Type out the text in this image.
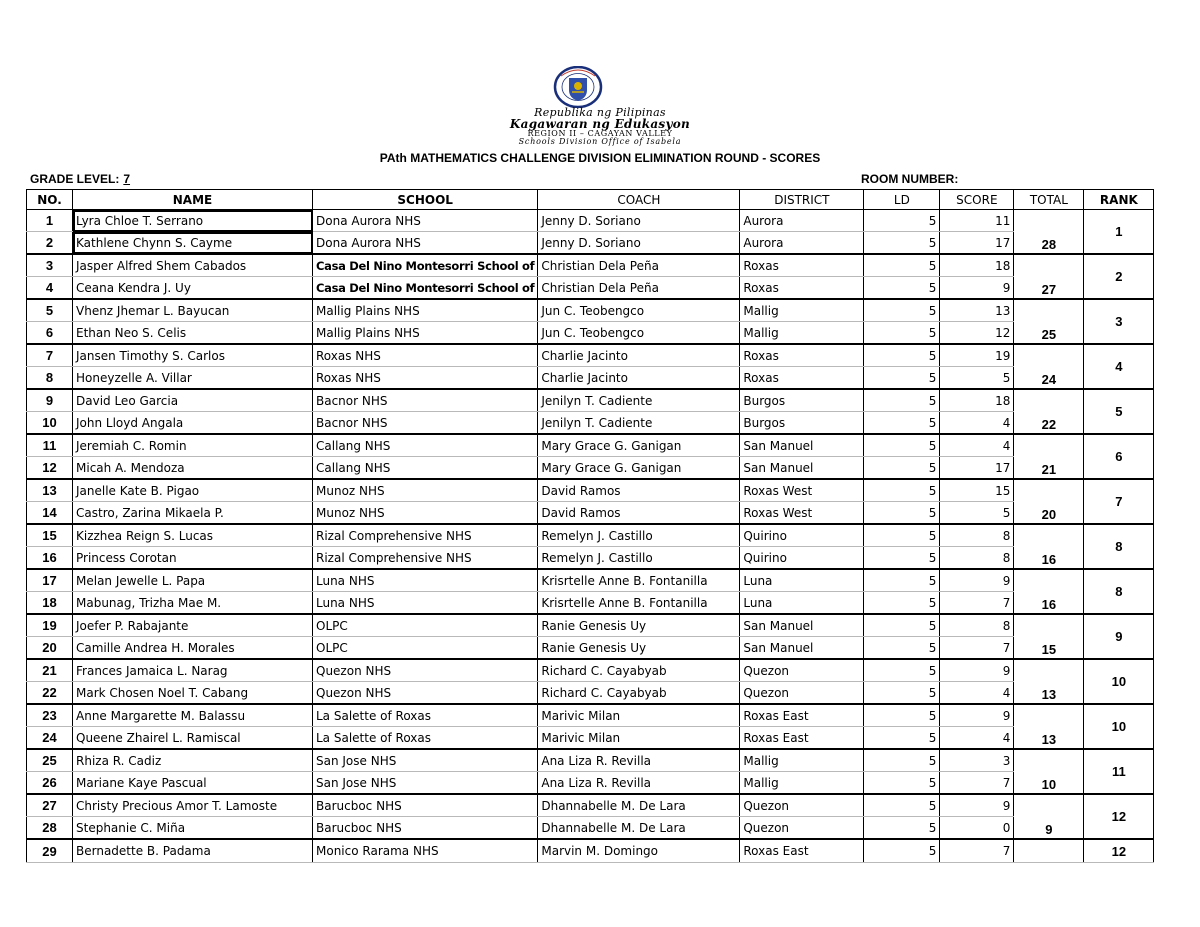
Republika ng Pilipinas
Kagawaran ng Edukasyon
REGION II – CAGAYAN VALLEY
Schools Division Office of Isabela
PAth MATHEMATICS CHALLENGE DIVISION ELIMINATION ROUND - SCORES
GRADE LEVEL: 7	ROOM NUMBER:
NO.	NAME	SCHOOL	COACH	DISTRICT	LD	SCORE	TOTAL	RANK
1	Lyra Chloe T. Serrano	Dona Aurora NHS	Jenny D. Soriano	Aurora	5	11	28	1
2	Kathlene Chynn S. Cayme	Dona Aurora NHS	Jenny D. Soriano	Aurora	5	17		
3	Jasper Alfred Shem Cabados	Casa Del Nino Montesorri School of	Christian Dela Peña	Roxas	5	18	27	2
4	Ceana Kendra J. Uy	Casa Del Nino Montesorri School of	Christian Dela Peña	Roxas	5	9		
5	Vhenz Jhemar L. Bayucan	Mallig Plains NHS	Jun C. Teobengco	Mallig	5	13	25	3
6	Ethan Neo S. Celis	Mallig Plains NHS	Jun C. Teobengco	Mallig	5	12		
7	Jansen Timothy S. Carlos	Roxas NHS	Charlie Jacinto	Roxas	5	19	24	4
8	Honeyzelle A. Villar	Roxas NHS	Charlie Jacinto	Roxas	5	5		
9	David Leo Garcia	Bacnor NHS	Jenilyn T. Cadiente	Burgos	5	18	22	5
10	John Lloyd Angala	Bacnor NHS	Jenilyn T. Cadiente	Burgos	5	4		
11	Jeremiah C. Romin	Callang NHS	Mary Grace G. Ganigan	San Manuel	5	4	21	6
12	Micah A. Mendoza	Callang NHS	Mary Grace G. Ganigan	San Manuel	5	17		
13	Janelle Kate B. Pigao	Munoz NHS	David Ramos	Roxas West	5	15	20	7
14	Castro, Zarina Mikaela P.	Munoz NHS	David Ramos	Roxas West	5	5		
15	Kizzhea Reign S. Lucas	Rizal Comprehensive NHS	Remelyn J. Castillo	Quirino	5	8	16	8
16	Princess Corotan	Rizal Comprehensive NHS	Remelyn J. Castillo	Quirino	5	8		
17	Melan Jewelle L. Papa	Luna NHS	Krisrtelle Anne B. Fontanilla	Luna	5	9	16	8
18	Mabunag, Trizha Mae M.	Luna NHS	Krisrtelle Anne B. Fontanilla	Luna	5	7		
19	Joefer P. Rabajante	OLPC	Ranie Genesis Uy	San Manuel	5	8	15	9
20	Camille Andrea H. Morales	OLPC	Ranie Genesis Uy	San Manuel	5	7		
21	Frances Jamaica L. Narag	Quezon NHS	Richard C. Cayabyab	Quezon	5	9	13	10
22	Mark Chosen Noel T. Cabang	Quezon NHS	Richard C. Cayabyab	Quezon	5	4		
23	Anne Margarette M. Balassu	La Salette of Roxas	Marivic Milan	Roxas East	5	9	13	10
24	Queene Zhairel L. Ramiscal	La Salette of Roxas	Marivic Milan	Roxas East	5	4		
25	Rhiza R. Cadiz	San Jose NHS	Ana Liza R. Revilla	Mallig	5	3	10	11
26	Mariane Kaye Pascual	San Jose NHS	Ana Liza R. Revilla	Mallig	5	7		
27	Christy Precious Amor T. Lamoste	Barucboc NHS	Dhannabelle M. De Lara	Quezon	5	9	9	12
28	Stephanie C. Miña	Barucboc NHS	Dhannabelle M. De Lara	Quezon	5	0		
29	Bernadette B. Padama	Monico Rarama NHS	Marvin M. Domingo	Roxas East	5	7		12
